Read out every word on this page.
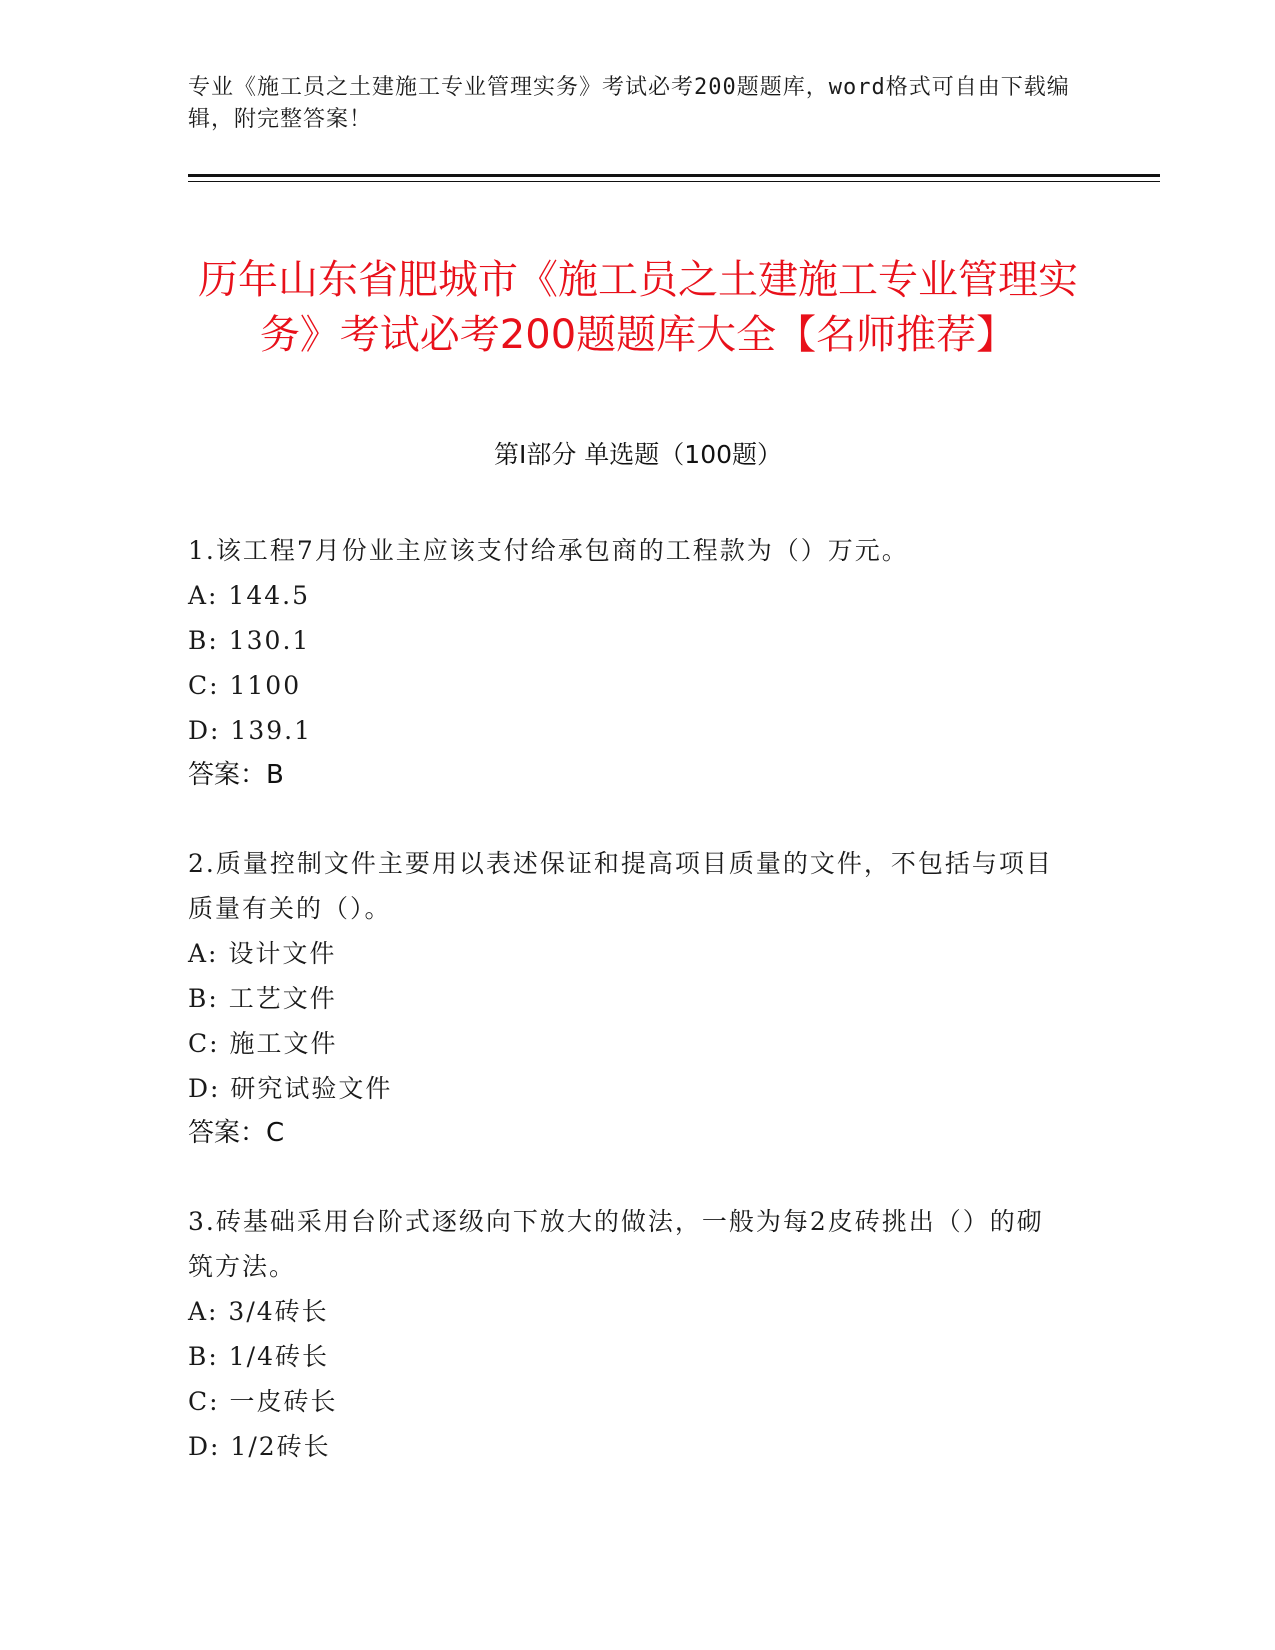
专业《施工员之土建施工专业管理实务》考试必考200题题库，word格式可自由下载编辑，附完整答案！
历年山东省肥城市《施工员之土建施工专业管理实务》考试必考200题题库大全【名师推荐】
第Ⅰ部分 单选题（100题）
1.该工程7月份业主应该支付给承包商的工程款为（）万元。
A: 144.5
B: 130.1
C: 1100
D: 139.1
答案：B
2.质量控制文件主要用以表述保证和提高项目质量的文件，不包括与项目质量有关的（）。
A: 设计文件
B: 工艺文件
C: 施工文件
D: 研究试验文件
答案：C
3.砖基础采用台阶式逐级向下放大的做法，一般为每2皮砖挑出（）的砌筑方法。
A: 3/4砖长
B: 1/4砖长
C: 一皮砖长
D: 1/2砖长
